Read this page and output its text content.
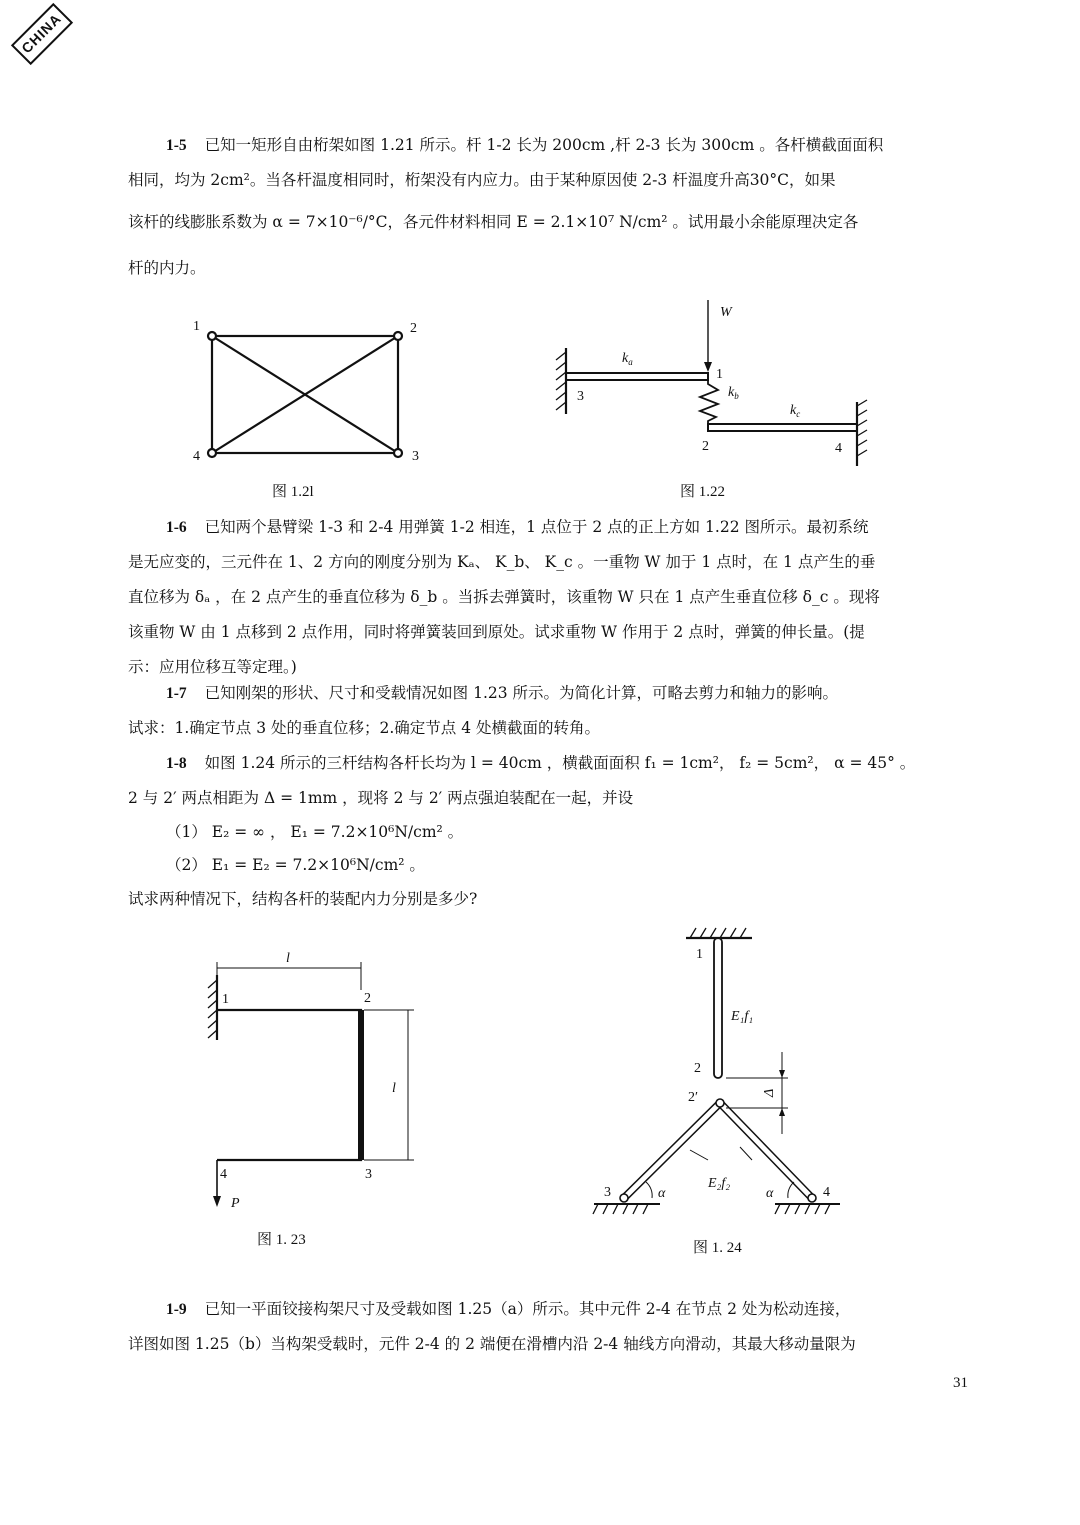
CHINA
1-5 已知一矩形自由桁架如图 1.21 所示。杆 1-2 长为 200cm ,杆 2-3 长为 300cm 。各杆横截面面积
相同，均为 2cm²。当各杆温度相同时，桁架没有内应力。由于某种原因使 2-3 杆温度升高30°C，如果
该杆的线膨胀系数为 α = 7×10⁻⁶/°C，各元件材料相同 E = 2.1×10⁷ N/cm² 。试用最小余能原理决定各
杆的内力。
1	2
3
4
W
$k_a$
$k_b$
$k_c$
1
2
3
4
l
l
1	2
3
4
P
1
E₁f₁
2
2′	Δ
E₂f₂
3	4
α	α
图 1.2l	图 1.22
1-6 已知两个悬臂梁 1-3 和 2-4 用弹簧 1-2 相连，1 点位于 2 点的正上方如 1.22 图所示。最初系统
是无应变的，三元件在 1、2 方向的刚度分别为 Kₐ、 K_b、 K_c 。一重物 W 加于 1 点时，在 1 点产生的垂
直位移为 δₐ ，在 2 点产生的垂直位移为 δ_b 。当拆去弹簧时，该重物 W 只在 1 点产生垂直位移 δ_c 。现将
该重物 W 由 1 点移到 2 点作用，同时将弹簧装回到原处。试求重物 W 作用于 2 点时，弹簧的伸长量。(提
示：应用位移互等定理。)
1-7 已知刚架的形状、尺寸和受载情况如图 1.23 所示。为简化计算，可略去剪力和轴力的影响。
试求：1.确定节点 3 处的垂直位移；2.确定节点 4 处横截面的转角。
1-8 如图 1.24 所示的三杆结构各杆长均为 l = 40cm ，横截面面积 f₁ = 1cm²， f₂ = 5cm²， α = 45° 。
2 与 2′ 两点相距为 Δ = 1mm ，现将 2 与 2′ 两点强迫装配在一起，并设
（1） E₂ = ∞ ， E₁ = 7.2×10⁶N/cm² 。
（2） E₁ = E₂ = 7.2×10⁶N/cm² 。
试求两种情况下，结构各杆的装配内力分别是多少?
图 1. 23	图 1. 24
1-9 已知一平面铰接构架尺寸及受载如图 1.25（a）所示。其中元件 2-4 在节点 2 处为松动连接，
详图如图 1.25（b）当构架受载时，元件 2-4 的 2 端便在滑槽内沿 2-4 轴线方向滑动，其最大移动量限为
31
